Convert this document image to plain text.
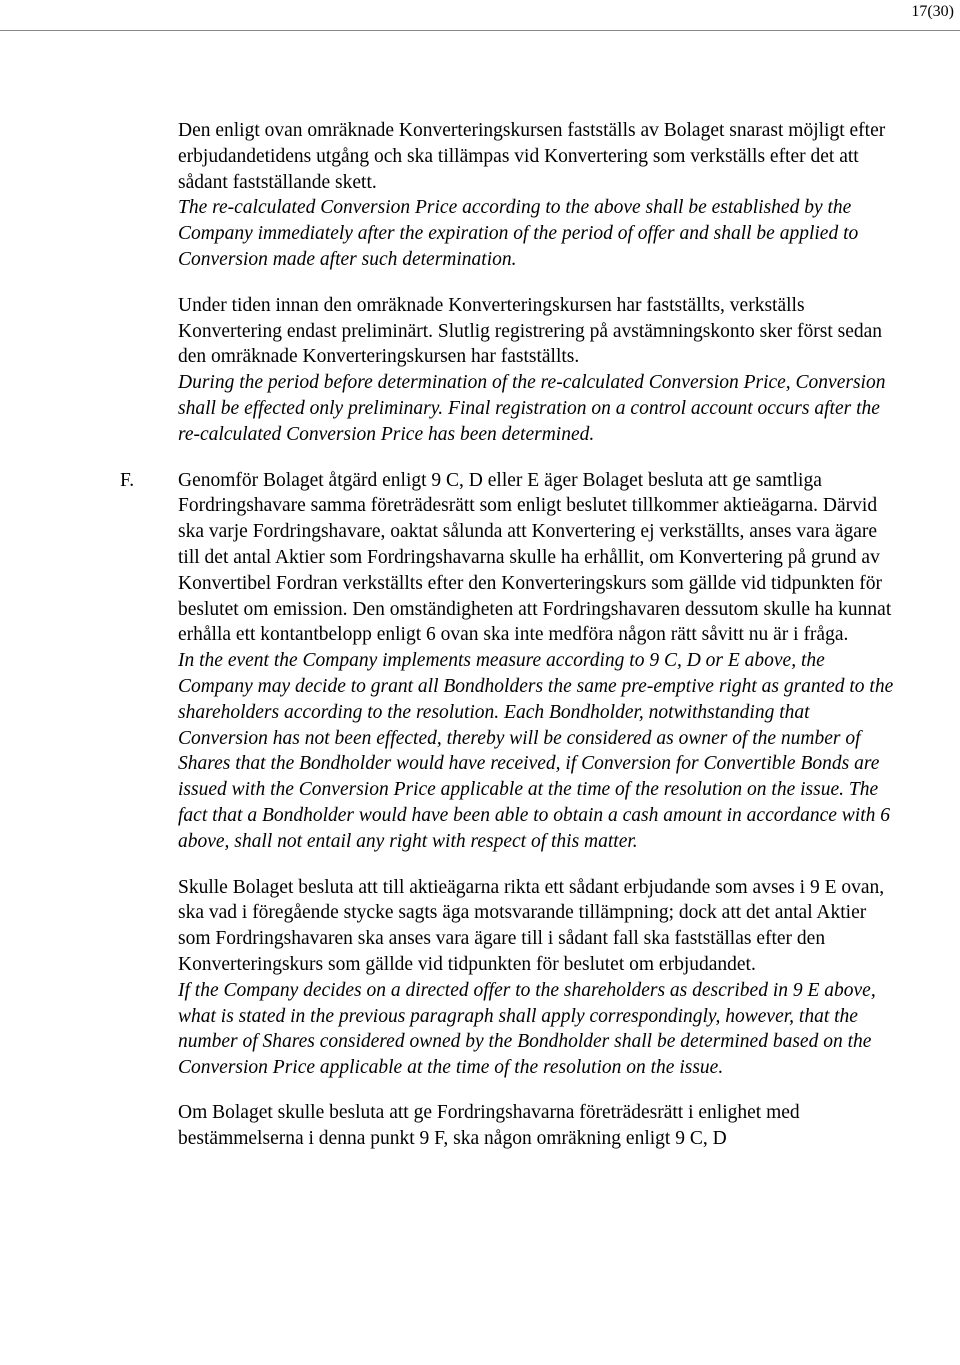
17(30)

Den enligt ovan omräknade Konverteringskursen fastställs av Bolaget snarast möjligt efter erbjudandetidens utgång och ska tillämpas vid Konvertering som verkställs efter det att sådant fastställande skett.

The re-calculated Conversion Price according to the above shall be established by the Company immediately after the expiration of the period of offer and shall be applied to Conversion made after such determination.

Under tiden innan den omräknade Konverteringskursen har fastställts, verkställs Konvertering endast preliminärt. Slutlig registrering på avstämningskonto sker först sedan den omräknade Konverteringskursen har fastställts.

During the period before determination of the re-calculated Conversion Price, Conversion shall be effected only preliminary. Final registration on a control account occurs after the re-calculated Conversion Price has been determined.

F. Genomför Bolaget åtgärd enligt 9 C, D eller E äger Bolaget besluta att ge samtliga Fordringshavare samma företrädesrätt som enligt beslutet tillkommer aktieägarna. Därvid ska varje Fordringshavare, oaktat sålunda att Konvertering ej verkställts, anses vara ägare till det antal Aktier som Fordringshavarna skulle ha erhållit, om Konvertering på grund av Konvertibel Fordran verkställts efter den Konverteringskurs som gällde vid tidpunkten för beslutet om emission. Den omständigheten att Fordringshavaren dessutom skulle ha kunnat erhålla ett kontantbelopp enligt 6 ovan ska inte medföra någon rätt såvitt nu är i fråga.

In the event the Company implements measure according to 9 C, D or E above, the Company may decide to grant all Bondholders the same pre-emptive right as granted to the shareholders according to the resolution. Each Bondholder, notwithstanding that Conversion has not been effected, thereby will be considered as owner of the number of Shares that the Bondholder would have received, if Conversion for Convertible Bonds are issued with the Conversion Price applicable at the time of the resolution on the issue. The fact that a Bondholder would have been able to obtain a cash amount in accordance with 6 above, shall not entail any right with respect of this matter.

Skulle Bolaget besluta att till aktieägarna rikta ett sådant erbjudande som avses i 9 E ovan, ska vad i föregående stycke sagts äga motsvarande tillämpning; dock att det antal Aktier som Fordringshavaren ska anses vara ägare till i sådant fall ska fastställas efter den Konverteringskurs som gällde vid tidpunkten för beslutet om erbjudandet.

If the Company decides on a directed offer to the shareholders as described in 9 E above, what is stated in the previous paragraph shall apply correspondingly, however, that the number of Shares considered owned by the Bondholder shall be determined based on the Conversion Price applicable at the time of the resolution on the issue.

Om Bolaget skulle besluta att ge Fordringshavarna företrädesrätt i enlighet med bestämmelserna i denna punkt 9 F, ska någon omräkning enligt 9 C, D
